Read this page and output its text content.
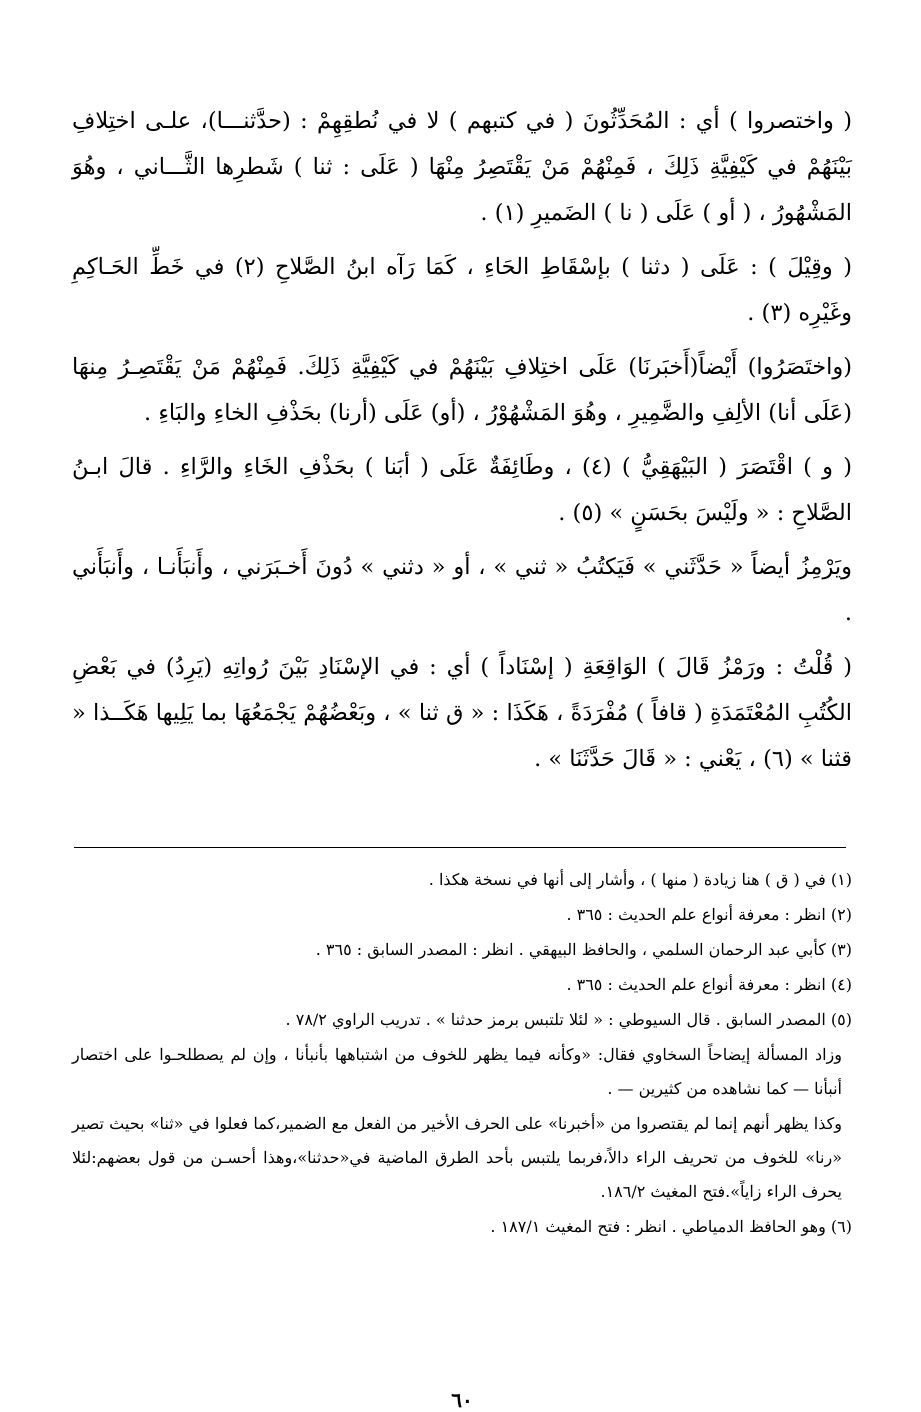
( واختصروا ) أي : المُحَدِّثُونَ ( في كتبهم ) لا في نُطقِهِمْ : (حدَّثنـــا)، علـى اختِلافِ بَيْنَهُمْ في كَيْفِيَّةِ ذَلِكَ ، فَمِنْهُمْ مَنْ يَقْتَصِرُ مِنْهَا ( عَلَى : ثنا ) شَطرِها الثَّـــاني ، وهُوَ المَشْهُورُ ، ( أو ) عَلَى ( نا ) الضَميرِ (١) .

( وقِيْلَ ) : عَلَى ( دثنا ) بإسْقَاطِ الحَاءِ ، كَمَا رَآه ابنُ الصَّلاحِ (٢) في خَطِّ الحَـاكِمِ وغَيْرِه (٣) .

(واختَصَرُوا) أَيْضاً(أَخبَرنَا) عَلَى اختِلافِ بَيْنَهُمْ في كَيْفِيَّةِ ذَلِكَ. فَمِنْهُمْ مَنْ يَقْتَصِـرُ مِنهَا (عَلَى أنا) الألِفِ والضَّمِيرِ ، وهُوَ المَشْهُوْرُ ، (أو) عَلَى (أرنا) بحَذْفِ الخاءِ والبَاءِ .

( و ) اقْتَصَرَ ( البَيْهَقِيُّ ) (٤) ، وطَائِفَةٌ عَلَى ( أبَنا ) بحَذْفِ الخَاءِ والرَّاءِ . قالَ ابـنُ الصَّلاحِ : « ولَيْسَ بحَسَنٍ » (٥) .

ويَرْمِزُ أيضاً « حَدَّثَني » فَيَكتُبُ « ثني » ، أو « دثني » دُونَ أَخـبَرَني ، وأَنبَأَنـا ، وأَنبَأَني .

( قُلْتُ : ورَمْزُ قَالَ ) الوَاقِعَةِ ( إسْنَاداً ) أي : في الإسْنَادِ بَيْنَ رُواتِهِ (يَرِدُ) في بَعْضِ الكُتُبِ المُعْتَمَدَةِ ( قافاً ) مُفْرَدَةً ، هَكَذَا : « ق ثنا » ، وبَعْضُهُمْ يَجْمَعُهَا بما يَلِيها هَكَــذا « قثنا » (٦) ، يَعْني : « قَالَ حَدَّثَنَا » .

(١) في ( ق ) هنا زيادة ( منها ) ، وأشار إلى أنها في نسخة هكذا .

(٢) انظر : معرفة أنواع علم الحديث : ٣٦٥ .

(٣) كأبي عبد الرحمان السلمي ، والحافظ البيهقي . انظر : المصدر السابق : ٣٦٥ .

(٤) انظر : معرفة أنواع علم الحديث : ٣٦٥ .

(٥) المصدر السابق . قال السيوطي : « لئلا تلتبس برمز حدثنا » . تدريب الراوي ٧٨/٢ .

وزاد المسألة إيضاحاً السخاوي فقال: «وكأنه فيما يظهر للخوف من اشتباهها بأنبأنا ، وإن لم يصطلحـوا على اختصار أنبأنا — كما نشاهده من كثيرين — .

وكذا يظهر أنهم إنما لم يقتصروا من «أخبرنا» على الحرف الأخير من الفعل مع الضمير،كما فعلوا في «ثنا» بحيث تصير «رنا» للخوف من تحريف الراء دالاً،فربما يلتبس بأحد الطرق الماضية في«حدثنا»،وهذا أحسـن من قول بعضهم:لئلا يحرف الراء زاياً».فتح المغيث ١٨٦/٢.

(٦) وهو الحافظ الدمياطي . انظر : فتح المغيث ١٨٧/١ .

٦٠
